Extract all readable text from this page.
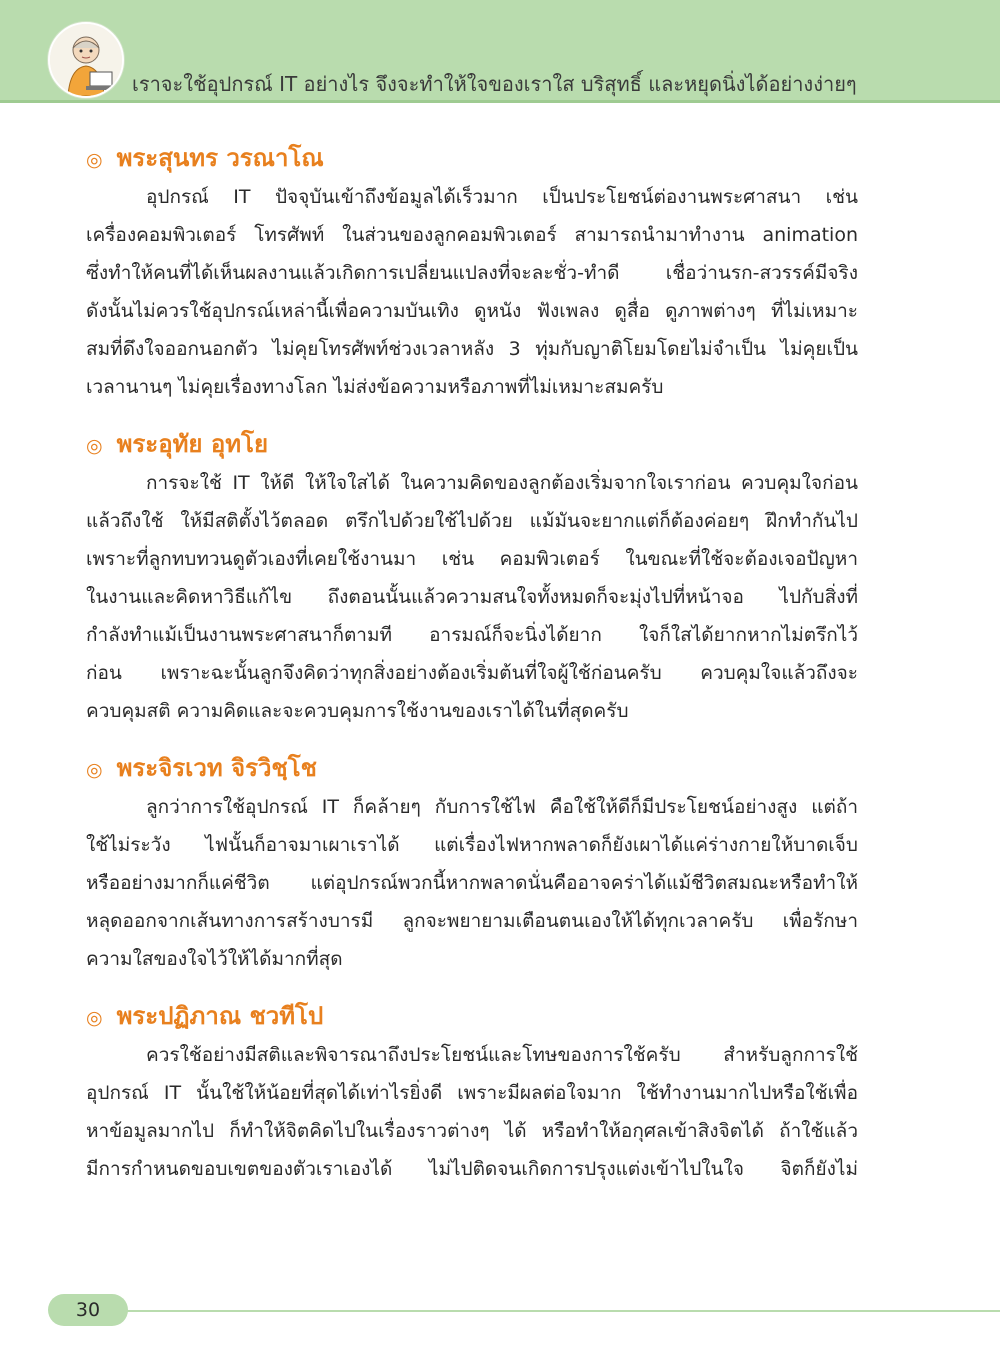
เราจะใช้อุปกรณ์ IT อย่างไร จึงจะทำให้ใจของเราใส บริสุทธิ์ และหยุดนิ่งได้อย่างง่ายๆ
◎ พระสุนทร วรณาโณ
อุปกรณ์ IT ปัจจุบันเข้าถึงข้อมูลได้เร็วมาก เป็นประโยชน์ต่องานพระศาสนา เช่น
เครื่องคอมพิวเตอร์ โทรศัพท์ ในส่วนของลูกคอมพิวเตอร์ สามารถนำมาทำงาน animation
ซึ่งทำให้คนที่ได้เห็นผลงานแล้วเกิดการเปลี่ยนแปลงที่จะละชั่ว-ทำดี เชื่อว่านรก-สวรรค์มีจริง
ดังนั้นไม่ควรใช้อุปกรณ์เหล่านี้เพื่อความบันเทิง ดูหนัง ฟังเพลง ดูสื่อ ดูภาพต่างๆ ที่ไม่เหมาะ
สมที่ดึงใจออกนอกตัว ไม่คุยโทรศัพท์ช่วงเวลาหลัง 3 ทุ่มกับญาติโยมโดยไม่จำเป็น ไม่คุยเป็น
เวลานานๆ ไม่คุยเรื่องทางโลก ไม่ส่งข้อความหรือภาพที่ไม่เหมาะสมครับ
◎ พระอุทัย อุทโย
การจะใช้ IT ให้ดี ให้ใจใสได้ ในความคิดของลูกต้องเริ่มจากใจเราก่อน ควบคุมใจก่อน
แล้วถึงใช้ ให้มีสติตั้งไว้ตลอด ตรึกไปด้วยใช้ไปด้วย แม้มันจะยากแต่ก็ต้องค่อยๆ ฝึกทำกันไป
เพราะที่ลูกทบทวนดูตัวเองที่เคยใช้งานมา เช่น คอมพิวเตอร์ ในขณะที่ใช้จะต้องเจอปัญหา
ในงานและคิดหาวิธีแก้ไข ถึงตอนนั้นแล้วความสนใจทั้งหมดก็จะมุ่งไปที่หน้าจอ ไปกับสิ่งที่
กำลังทำแม้เป็นงานพระศาสนาก็ตามที อารมณ์ก็จะนิ่งได้ยาก ใจก็ใสได้ยากหากไม่ตรึกไว้
ก่อน เพราะฉะนั้นลูกจึงคิดว่าทุกสิ่งอย่างต้องเริ่มต้นที่ใจผู้ใช้ก่อนครับ ควบคุมใจแล้วถึงจะ
ควบคุมสติ ความคิดและจะควบคุมการใช้งานของเราได้ในที่สุดครับ
◎ พระจิรเวท จิรวิชฺโช
ลูกว่าการใช้อุปกรณ์ IT ก็คล้ายๆ กับการใช้ไฟ คือใช้ให้ดีก็มีประโยชน์อย่างสูง แต่ถ้า
ใช้ไม่ระวัง ไฟนั้นก็อาจมาเผาเราได้ แต่เรื่องไฟหากพลาดก็ยังเผาได้แค่ร่างกายให้บาดเจ็บ
หรืออย่างมากก็แค่ชีวิต แต่อุปกรณ์พวกนี้หากพลาดนั่นคืออาจคร่าได้แม้ชีวิตสมณะหรือทำให้
หลุดออกจากเส้นทางการสร้างบารมี ลูกจะพยายามเตือนตนเองให้ได้ทุกเวลาครับ เพื่อรักษา
ความใสของใจไว้ให้ได้มากที่สุด
◎ พระปฏิภาณ ชวทีโป
ควรใช้อย่างมีสติและพิจารณาถึงประโยชน์และโทษของการใช้ครับ สำหรับลูกการใช้
อุปกรณ์ IT นั้นใช้ให้น้อยที่สุดได้เท่าไรยิ่งดี เพราะมีผลต่อใจมาก ใช้ทำงานมากไปหรือใช้เพื่อ
หาข้อมูลมากไป ก็ทำให้จิตคิดไปในเรื่องราวต่างๆ ได้ หรือทำให้อกุศลเข้าสิงจิตได้ ถ้าใช้แล้ว
มีการกำหนดขอบเขตของตัวเราเองได้ ไม่ไปติดจนเกิดการปรุงแต่งเข้าไปในใจ จิตก็ยังไม่
30
